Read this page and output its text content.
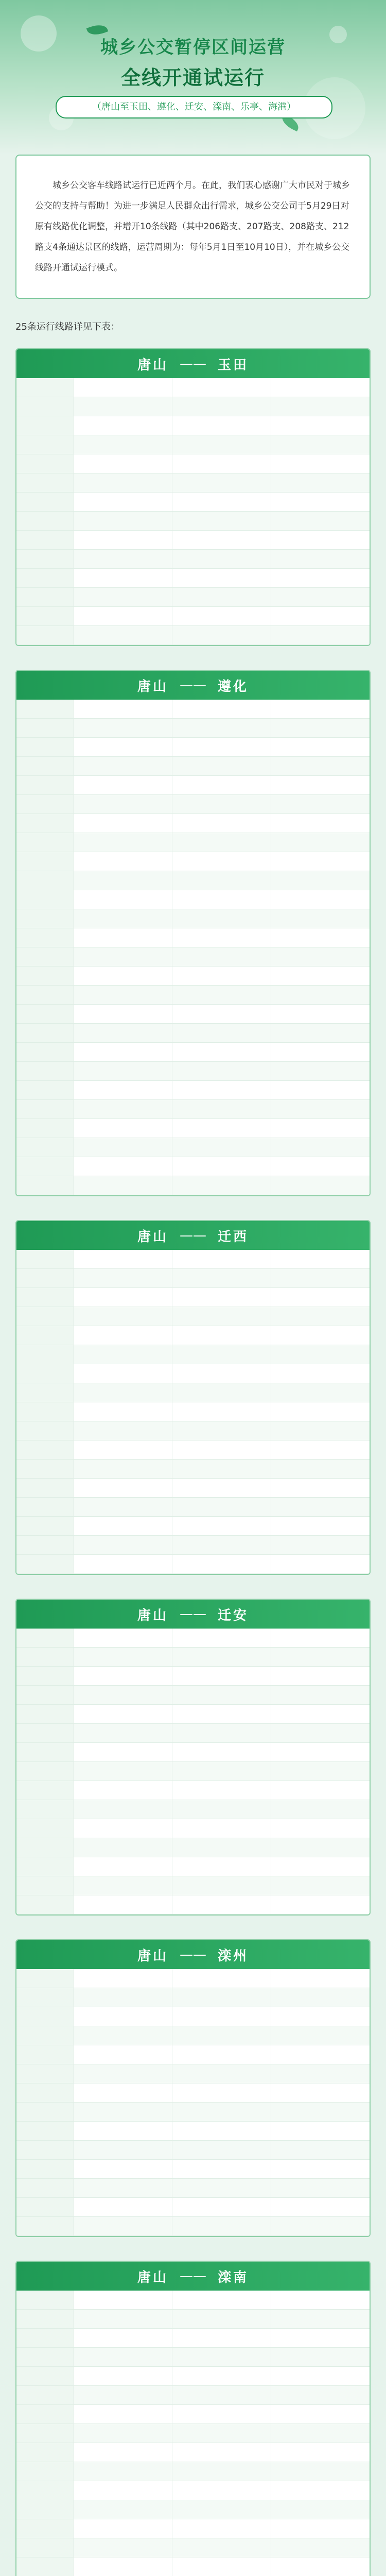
城乡公交暂停区间运营
全线开通试运行
（唐山至玉田、遵化、迁安、滦南、乐亭、海港）

城乡公交客车线路试运行已近两个月。在此，我们衷心感谢广大市民对于城乡公交的支持与帮助！为进一步满足人民群众出行需求，城乡公交公司于5月29日对原有线路优化调整，并增开10条线路（其中206路支、207路支、208路支、212路支4条通达景区的线路，运营周期为：每年5月1日至10月10日），并在城乡公交线路开通试运行模式。

25条运行线路详见下表：
唐山 —— 玉田
唐山 —— 遵化
唐山 —— 迁西
唐山 —— 迁安
唐山 —— 滦州
唐山 —— 滦南
